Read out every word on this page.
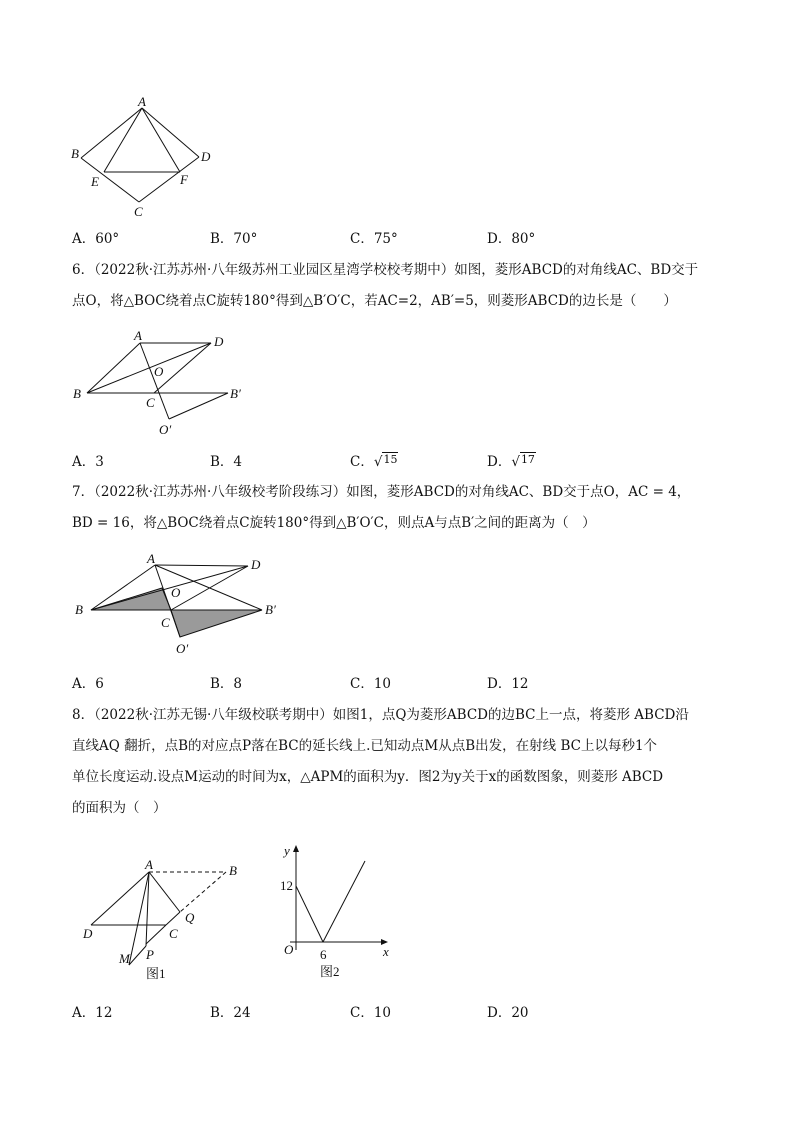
A
B	D
E	F
C
A．60°	B．70°	C．75°	D．80°
6．（2022秋·江苏苏州·八年级苏州工业园区星湾学校校考期中）如图，菱形ABCD的对角线AC、BD交于
点O，将△BOC绕着点C旋转180°得到△B′O′C，若AC=2，AB′=5，则菱形ABCD的边长是（　　）
A	D
O
B
C
B′
O′
A．3	B．4	C．√$^{15}$	D．√$^{17}$
7．（2022秋·江苏苏州·八年级校考阶段练习）如图，菱形ABCD的对角线AC、BD交于点O，AC = 4，
BD = 16，将△BOC绕着点C旋转180°得到△B′O′C，则点A与点B′之间的距离为（　）
A	D
O
B
C
B′
O′
A．6	B．8	C．10	D．12
8．（2022秋·江苏无锡·八年级校联考期中）如图1，点Q为菱形ABCD的边BC上一点，将菱形 ABCD沿
直线AQ 翻折，点B的对应点P落在BC的延长线上.已知动点M从点B出发，在射线 BC上以每秒1个
单位长度运动.设点M运动的时间为x，△APM的面积为y．图2为y关于x的函数图象，则菱形 ABCD
的面积为（　）
A	B
Q
D	C
M P
图1
y
12
O 6	x
图2
A．12	B．24	C．10	D．20
